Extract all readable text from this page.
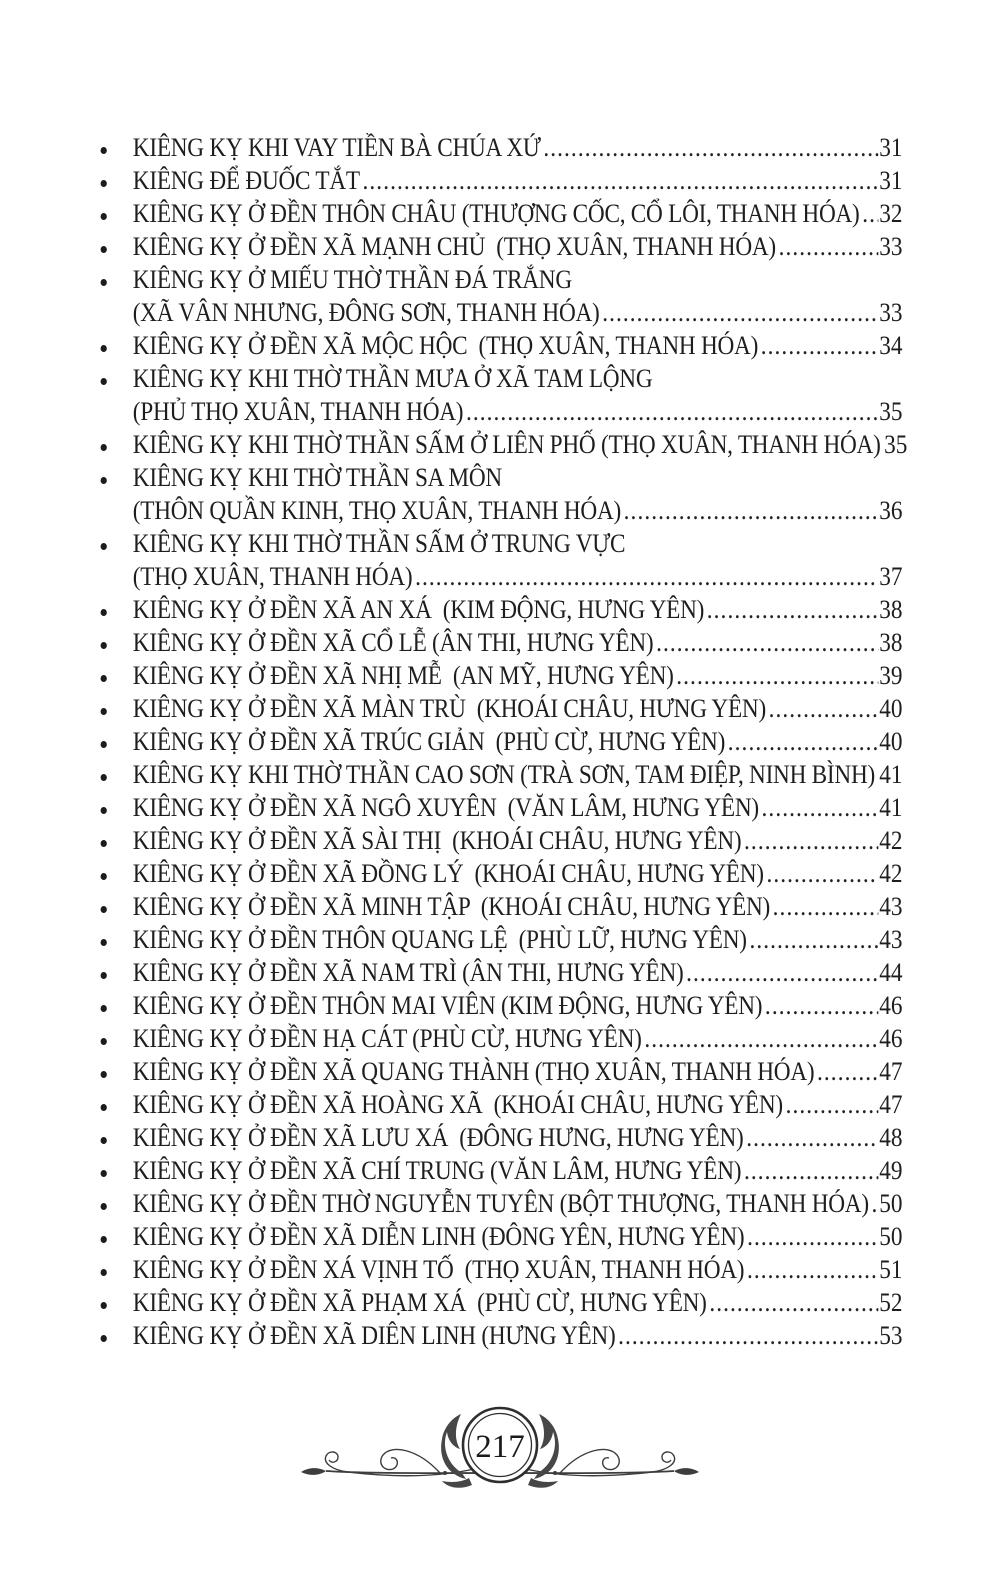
KIÊNG KỴ KHI VAY TIỀN BÀ CHÚA XỨ .....	31
KIÊNG ĐỂ ĐUỐC TẮT .....	31
KIÊNG KỴ Ở ĐỀN THÔN CHÂU (THƯỢNG CỐC, CỔ LÔI, THANH HÓA) ..... 32
KIÊNG KỴ Ở ĐỀN XÃ MẠNH CHỦ  (THỌ XUÂN, THANH HÓA) .....	33
KIÊNG KỴ Ở MIẾU THỜ THẦN ĐÁ TRẮNG
(XÃ VÂN NHƯNG, ĐÔNG SƠN, THANH HÓA) .....	33
KIÊNG KỴ Ở ĐỀN XÃ MỘC HỘC  (THỌ XUÂN, THANH HÓA) .....	34
KIÊNG KỴ KHI THỜ THẦN MƯA Ở XÃ TAM LỘNG
(PHỦ THỌ XUÂN, THANH HÓA) .....	35
KIÊNG KỴ KHI THỜ THẦN SẤM Ở LIÊN PHỐ (THỌ XUÂN, THANH HÓA) 35
KIÊNG KỴ KHI THỜ THẦN SA MÔN
(THÔN QUẦN KINH, THỌ XUÂN, THANH HÓA) .....	36
KIÊNG KỴ KHI THỜ THẦN SẤM Ở TRUNG VỰC
(THỌ XUÂN, THANH HÓA) .....	37
KIÊNG KỴ Ở ĐỀN XÃ AN XÁ  (KIM ĐỘNG, HƯNG YÊN) .....	38
KIÊNG KỴ Ở ĐỀN XÃ CỔ LỄ (ÂN THI, HƯNG YÊN) .....	38
KIÊNG KỴ Ở ĐỀN XÃ NHỊ MỄ  (AN MỸ, HƯNG YÊN) .....	39
KIÊNG KỴ Ở ĐỀN XÃ MÀN TRÙ  (KHOÁI CHÂU, HƯNG YÊN) .....	40
KIÊNG KỴ Ở ĐỀN XÃ TRÚC GIẢN  (PHÙ CỪ, HƯNG YÊN) .....	40
KIÊNG KỴ KHI THỜ THẦN CAO SƠN (TRÀ SƠN, TAM ĐIỆP, NINH BÌNH) ..... 41
KIÊNG KỴ Ở ĐỀN XÃ NGÔ XUYÊN  (VĂN LÂM, HƯNG YÊN) .....	41
KIÊNG KỴ Ở ĐỀN XÃ SÀI THỊ  (KHOÁI CHÂU, HƯNG YÊN) .....	42
KIÊNG KỴ Ở ĐỀN XÃ ĐỒNG LÝ  (KHOÁI CHÂU, HƯNG YÊN) .....	42
KIÊNG KỴ Ở ĐỀN XÃ MINH TẬP  (KHOÁI CHÂU, HƯNG YÊN) .....	43
KIÊNG KỴ Ở ĐỀN THÔN QUANG LỆ  (PHÙ LỮ, HƯNG YÊN) .....	43
KIÊNG KỴ Ở ĐỀN XÃ NAM TRÌ (ÂN THI, HƯNG YÊN) .....	44
KIÊNG KỴ Ở ĐỀN THÔN MAI VIÊN (KIM ĐỘNG, HƯNG YÊN) .....	46
KIÊNG KỴ Ở ĐỀN HẠ CÁT (PHÙ CỪ, HƯNG YÊN) .....	46
KIÊNG KỴ Ở ĐỀN XÃ QUANG THÀNH (THỌ XUÂN, THANH HÓA) ..... 47
KIÊNG KỴ Ở ĐỀN XÃ HOÀNG XÃ  (KHOÁI CHÂU, HƯNG YÊN) .....	47
KIÊNG KỴ Ở ĐỀN XÃ LƯU XÁ  (ĐÔNG HƯNG, HƯNG YÊN) .....	48
KIÊNG KỴ Ở ĐỀN XÃ CHÍ TRUNG (VĂN LÂM, HƯNG YÊN) .....	49
KIÊNG KỴ Ở ĐỀN THỜ NGUYỄN TUYÊN (BỘT THƯỢNG, THANH HÓA) ..... 50
KIÊNG KỴ Ở ĐỀN XÃ DIỄN LINH (ĐÔNG YÊN, HƯNG YÊN) .....	50
KIÊNG KỴ Ở ĐỀN XÁ VỊNH TỐ  (THỌ XUÂN, THANH HÓA) .....	51
KIÊNG KỴ Ở ĐỀN XÃ PHẠM XÁ  (PHÙ CỪ, HƯNG YÊN) .....	52
KIÊNG KỴ Ở ĐỀN XÃ DIÊN LINH (HƯNG YÊN) .....	53
217
